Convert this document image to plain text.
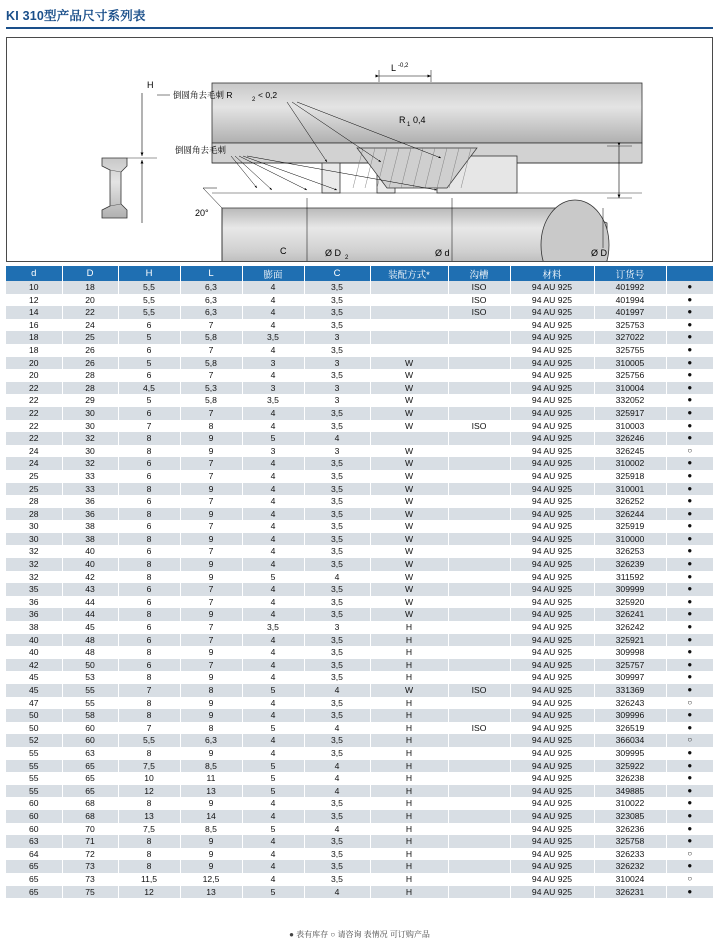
KI 310型产品尺寸系列表
H
L -0,2
倒圆角去毛刺 R	2 < 0,2
R 1 0,4
倒圆角去毛刺
20°
C	Ø D 2	Ø d	Ø D
d	D	H	L	膨面	C	装配方式*	沟槽	材料	订货号	
10	18	5,5	6,3	4	3,5		ISO	94 AU 925	401992	●
12	20	5,5	6,3	4	3,5		ISO	94 AU 925	401994	●
14	22	5,5	6,3	4	3,5		ISO	94 AU 925	401997	●
16	24	6	7	4	3,5			94 AU 925	325753	●
18	25	5	5,8	3,5	3			94 AU 925	327022	●
18	26	6	7	4	3,5			94 AU 925	325755	●
20	26	5	5,8	3	3	W		94 AU 925	310005	●
20	28	6	7	4	3,5	W		94 AU 925	325756	●
22	28	4,5	5,3	3	3	W		94 AU 925	310004	●
22	29	5	5,8	3,5	3	W		94 AU 925	332052	●
22	30	6	7	4	3,5	W		94 AU 925	325917	●
22	30	7	8	4	3,5	W	ISO	94 AU 925	310003	●
22	32	8	9	5	4			94 AU 925	326246	●
24	30	8	9	3	3	W		94 AU 925	326245	○
24	32	6	7	4	3,5	W		94 AU 925	310002	●
25	33	6	7	4	3,5	W		94 AU 925	325918	●
25	33	8	9	4	3,5	W		94 AU 925	310001	●
28	36	6	7	4	3,5	W		94 AU 925	326252	●
28	36	8	9	4	3,5	W		94 AU 925	326244	●
30	38	6	7	4	3,5	W		94 AU 925	325919	●
30	38	8	9	4	3,5	W		94 AU 925	310000	●
32	40	6	7	4	3,5	W		94 AU 925	326253	●
32	40	8	9	4	3,5	W		94 AU 925	326239	●
32	42	8	9	5	4	W		94 AU 925	311592	●
35	43	6	7	4	3,5	W		94 AU 925	309999	●
36	44	6	7	4	3,5	W		94 AU 925	325920	●
36	44	8	9	4	3,5	W		94 AU 925	326241	●
38	45	6	7	3,5	3	H		94 AU 925	326242	●
40	48	6	7	4	3,5	H		94 AU 925	325921	●
40	48	8	9	4	3,5	H		94 AU 925	309998	●
42	50	6	7	4	3,5	H		94 AU 925	325757	●
45	53	8	9	4	3,5	H		94 AU 925	309997	●
45	55	7	8	5	4	W	ISO	94 AU 925	331369	●
47	55	8	9	4	3,5	H		94 AU 925	326243	○
50	58	8	9	4	3,5	H		94 AU 925	309996	●
50	60	7	8	5	4	H	ISO	94 AU 925	326519	●
52	60	5,5	6,3	4	3,5	H		94 AU 925	366034	○
55	63	8	9	4	3,5	H		94 AU 925	309995	●
55	65	7,5	8,5	5	4	H		94 AU 925	325922	●
55	65	10	11	5	4	H		94 AU 925	326238	●
55	65	12	13	5	4	H		94 AU 925	349885	●
60	68	8	9	4	3,5	H		94 AU 925	310022	●
60	68	13	14	4	3,5	H		94 AU 925	323085	●
60	70	7,5	8,5	5	4	H		94 AU 925	326236	●
63	71	8	9	4	3,5	H		94 AU 925	325758	●
64	72	8	9	4	3,5	H		94 AU 925	326233	○
65	73	8	9	4	3,5	H		94 AU 925	326232	●
65	73	11,5	12,5	4	3,5	H		94 AU 925	310024	○
65	75	12	13	5	4	H		94 AU 925	326231	●
● 表有库存 ○ 请咨询 表情况 可订购产品
